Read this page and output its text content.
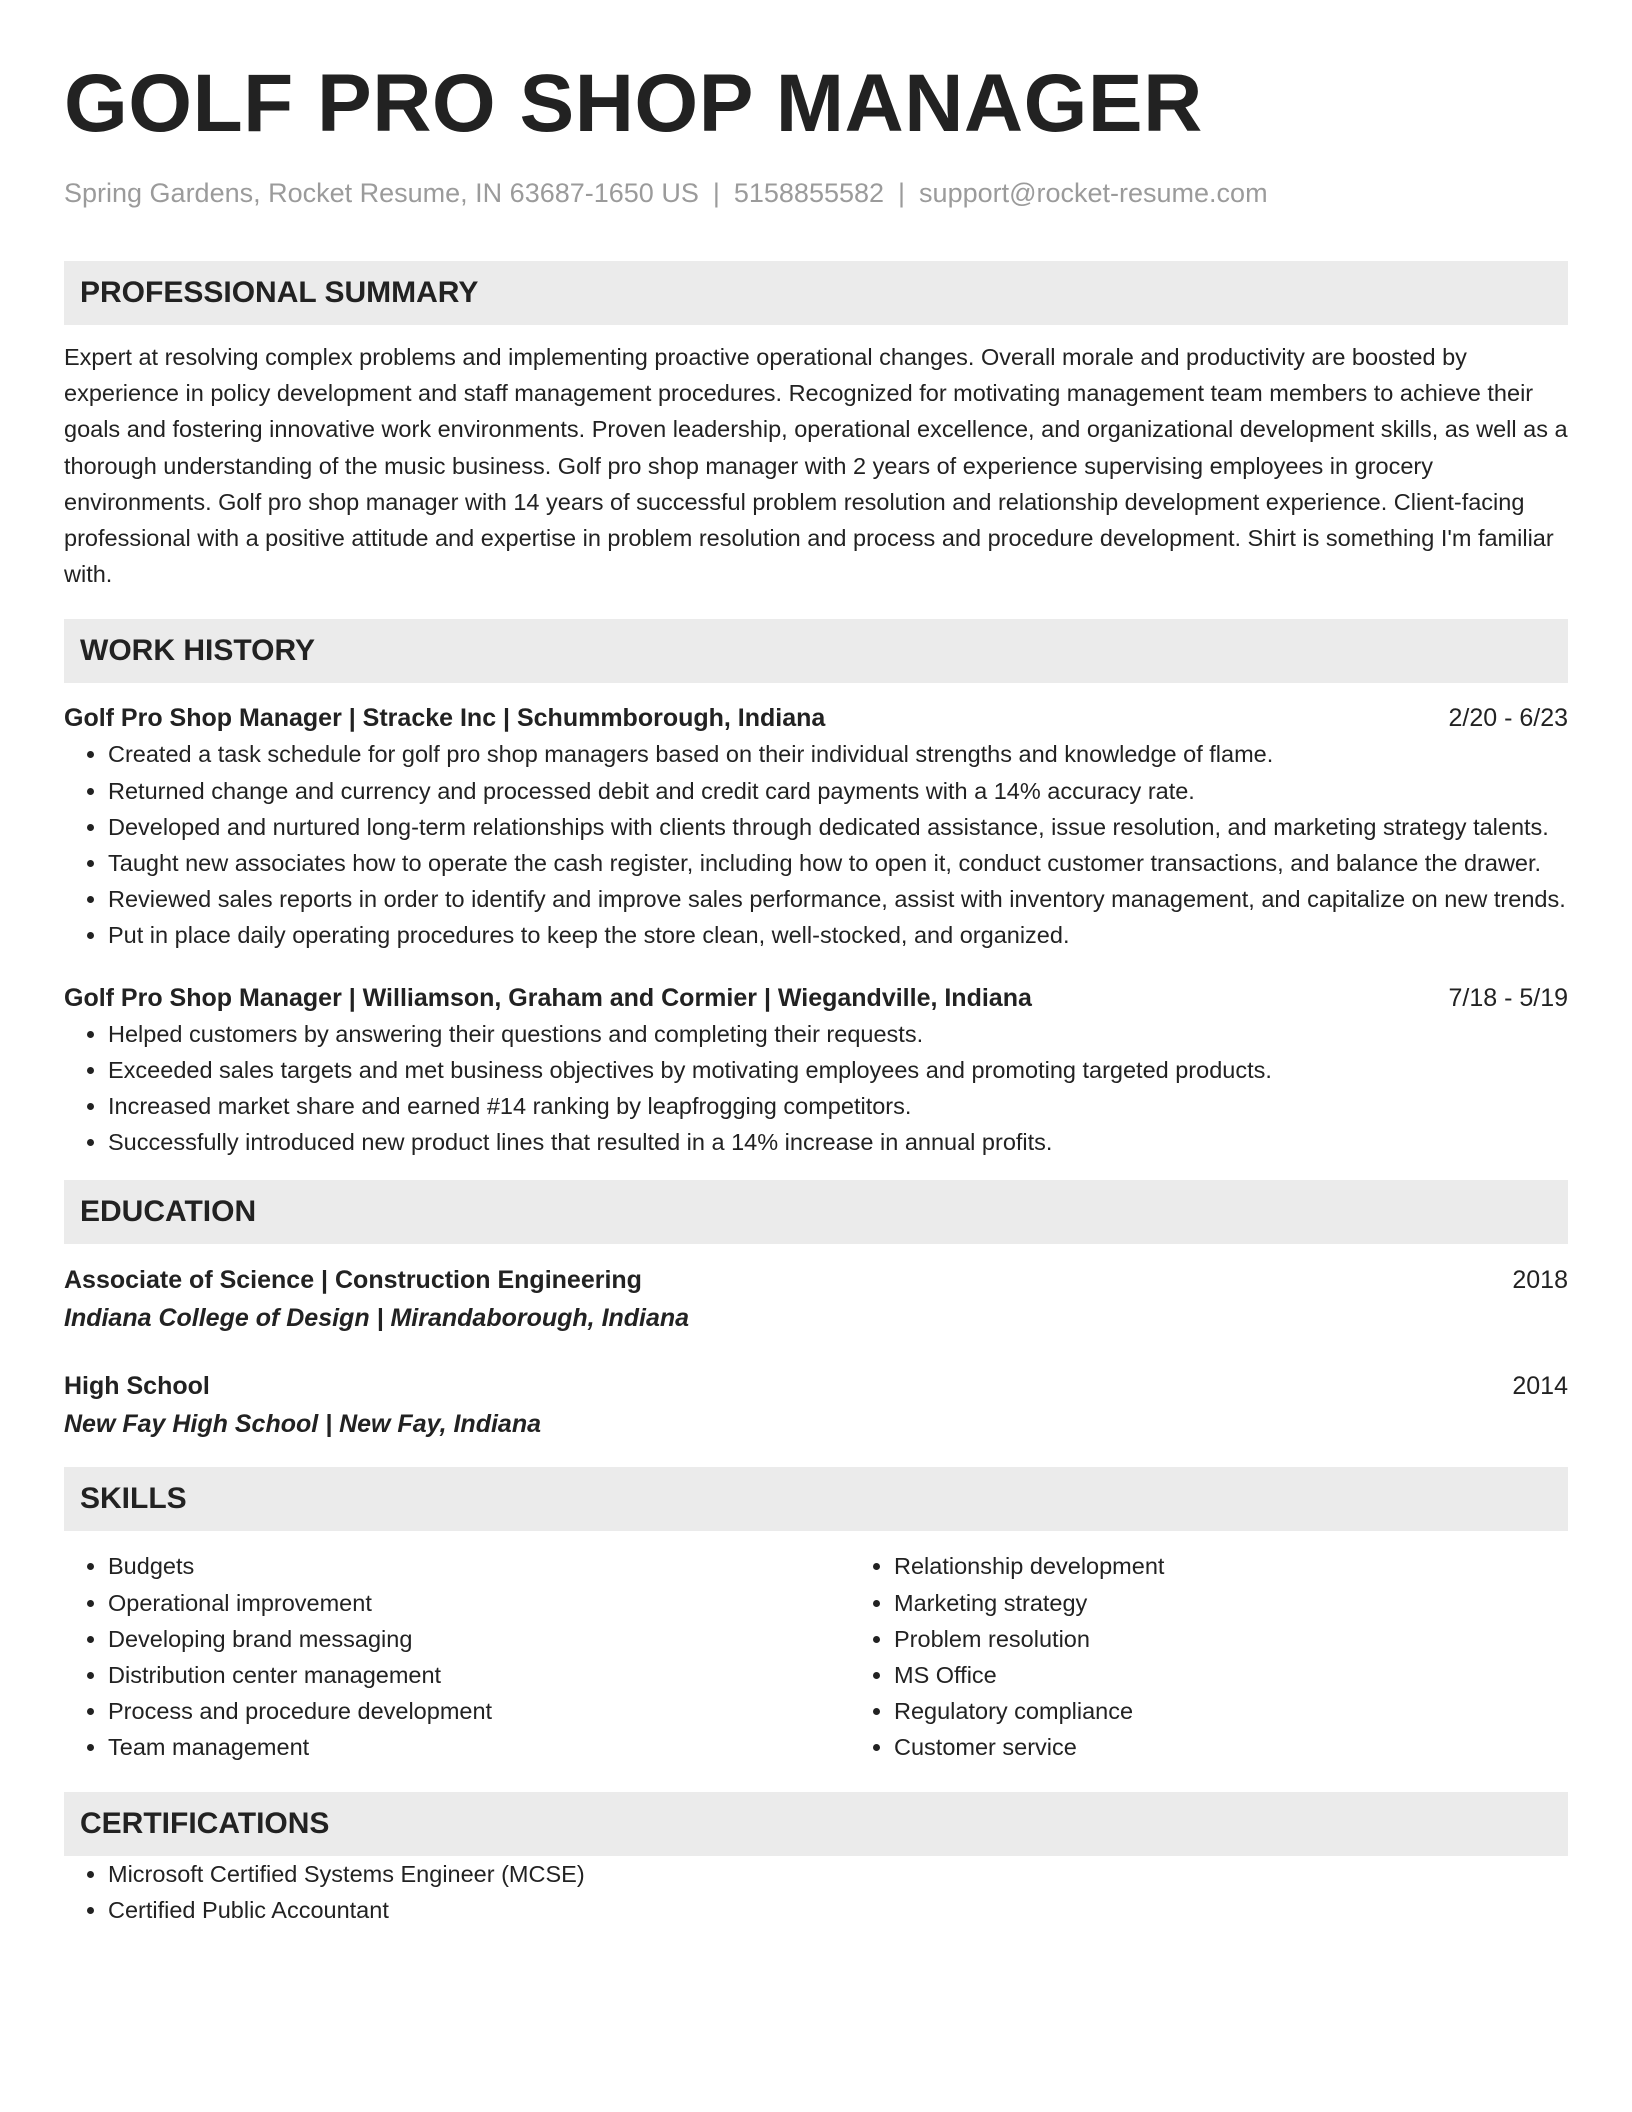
GOLF PRO SHOP MANAGER
Spring Gardens, Rocket Resume, IN 63687-1650 US | 5158855582 | support@rocket-resume.com
PROFESSIONAL SUMMARY
Expert at resolving complex problems and implementing proactive operational changes. Overall morale and productivity are boosted by experience in policy development and staff management procedures. Recognized for motivating management team members to achieve their goals and fostering innovative work environments. Proven leadership, operational excellence, and organizational development skills, as well as a thorough understanding of the music business. Golf pro shop manager with 2 years of experience supervising employees in grocery environments. Golf pro shop manager with 14 years of successful problem resolution and relationship development experience. Client-facing professional with a positive attitude and expertise in problem resolution and process and procedure development. Shirt is something I'm familiar with.
WORK HISTORY
Golf Pro Shop Manager | Stracke Inc | Schummborough, Indiana	2/20 - 6/23
• Created a task schedule for golf pro shop managers based on their individual strengths and knowledge of flame.
• Returned change and currency and processed debit and credit card payments with a 14% accuracy rate.
• Developed and nurtured long-term relationships with clients through dedicated assistance, issue resolution, and marketing strategy talents.
• Taught new associates how to operate the cash register, including how to open it, conduct customer transactions, and balance the drawer.
• Reviewed sales reports in order to identify and improve sales performance, assist with inventory management, and capitalize on new trends.
• Put in place daily operating procedures to keep the store clean, well-stocked, and organized.
Golf Pro Shop Manager | Williamson, Graham and Cormier | Wiegandville, Indiana	7/18 - 5/19
• Helped customers by answering their questions and completing their requests.
• Exceeded sales targets and met business objectives by motivating employees and promoting targeted products.
• Increased market share and earned #14 ranking by leapfrogging competitors.
• Successfully introduced new product lines that resulted in a 14% increase in annual profits.
EDUCATION
Associate of Science | Construction Engineering	2018
Indiana College of Design | Mirandaborough, Indiana
High School	2014
New Fay High School | New Fay, Indiana
SKILLS
• Budgets
• Operational improvement
• Developing brand messaging
• Distribution center management
• Process and procedure development
• Team management
• Relationship development
• Marketing strategy
• Problem resolution
• MS Office
• Regulatory compliance
• Customer service
CERTIFICATIONS
• Microsoft Certified Systems Engineer (MCSE)
• Certified Public Accountant
